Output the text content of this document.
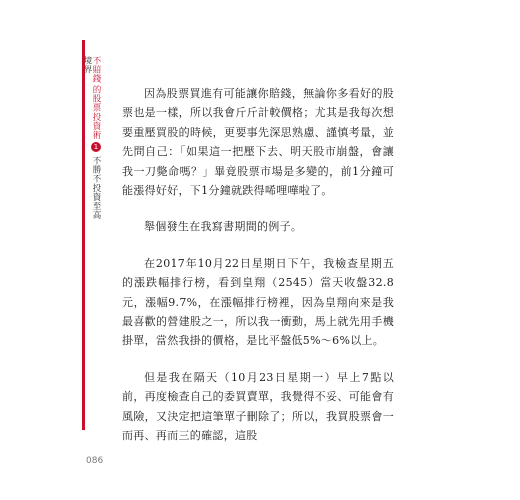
不賠錢的股票投資術1不勝不投資至高境界

因為股票買進有可能讓你賠錢，無論你多看好的股票也是一樣，所以我會斤斤計較價格；尤其是我每次想要重壓買股的時候，更要事先深思熟慮、謹慎考量，並先問自己：「如果這一把壓下去、明天股市崩盤，會讓我一刀斃命嗎？」畢竟股票市場是多變的，前1分鐘可能漲得好好，下1分鐘就跌得唏哩嘩啦了。

舉個發生在我寫書期間的例子。

在2017年10月22日星期日下午，我檢查星期五的漲跌幅排行榜，看到皇翔（2545）當天收盤32.8元，漲幅9.7%，在漲幅排行榜裡，因為皇翔向來是我最喜歡的營建股之一，所以我一衝動，馬上就先用手機掛單，當然我掛的價格，是比平盤低5%～6%以上。

但是我在隔天（10月23日星期一）早上7點以前，再度檢查自己的委買賣單，我覺得不妥、可能會有風險，又決定把這筆單子刪除了；所以，我買股票會一而再、再而三的確認，這股

086
